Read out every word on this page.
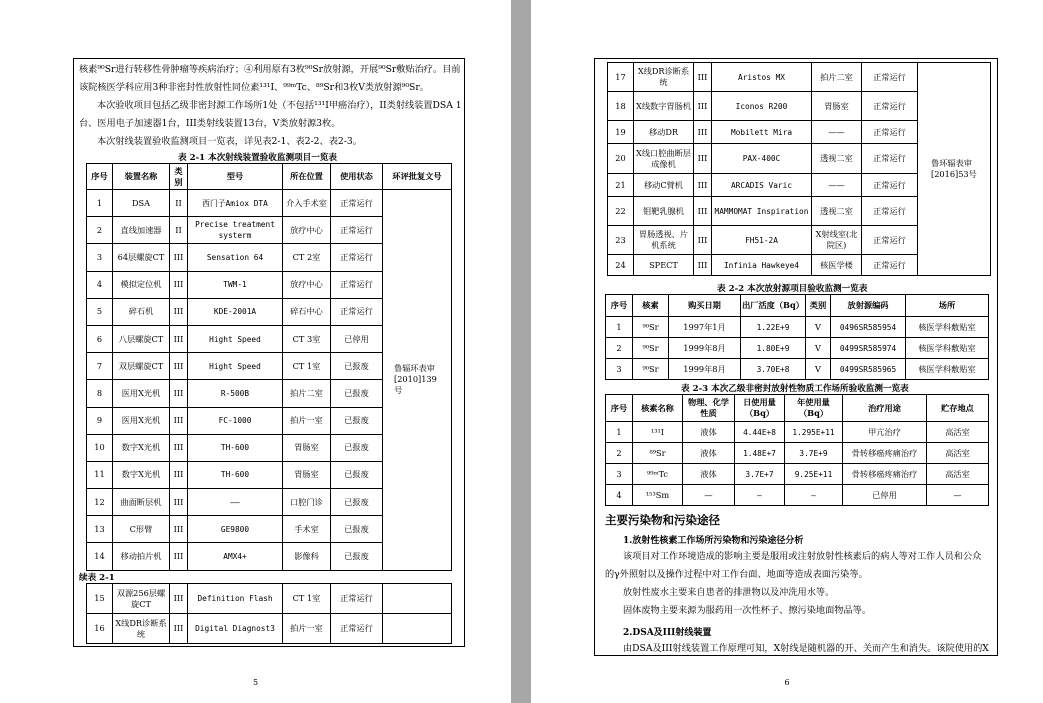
核素⁹⁰Sr进行转移性骨肿瘤等疾病治疗；④利用原有3枚⁹⁰Sr放射源，开展⁹⁰Sr敷贴治疗。目前
该院核医学科应用3种非密封性放射性同位素¹³¹I、⁹⁹ᵐTc、⁸⁹Sr和3枚V类放射源⁹⁰Sr。
本次验收项目包括乙级非密封源工作场所1处（不包括¹³¹I甲癌治疗），II类射线装置DSA 1
台、医用电子加速器1台，III类射线装置13台，V类放射源3枚。
本次射线装置验收监测项目一览表，详见表2-1、表2-2、表2-3。
表 2-1 本次射线装置验收监测项目一览表
序号	装置名称	类别	型号	所在位置	使用状态	环评批复文号
1	DSA	II	西门子Amiox DTA	介入手术室	正常运行	鲁辐环表审[2010]139号
2	直线加速器	II	Precise treatment systerm	放疗中心	正常运行	
3	64层螺旋CT	III	Sensation 64	CT 2室	正常运行	
4	模拟定位机	III	TWM-1	放疗中心	正常运行	
5	碎石机	III	KDE-2001A	碎石中心	正常运行	
6	八层螺旋CT	III	Hight Speed	CT 3室	已停用	
7	双层螺旋CT	III	Hight Speed	CT 1室	已报废	
8	医用X光机	III	R-500B	拍片二室	已报废	
9	医用X光机	III	FC-1000	拍片一室	已报废	
10	数字X光机	III	TH-600	胃肠室	已报废	
11	数字X光机	III	TH-600	胃肠室	已报废	
12	曲面断层机	III	——	口腔门诊	已报废	
13	C形臂	III	GE9800	手术室	已报废	
14	移动拍片机	III	AMX4+	影像科	已报废	
续表 2-1
15	双源256层螺旋CT	III	Definition Flash	CT 1室	正常运行	
16	X线DR诊断系统	III	Digital Diagnost3	拍片一室	正常运行	
5
17	X线DR诊断系统	III	Aristos MX	拍片二室	正常运行	鲁环辐表审[2016]53号
18	X线数字胃肠机	III	Iconos R200	胃肠室	正常运行	
19	移动DR	III	Mobilett Mira	——	正常运行	
20	X线口腔曲断层成像机	III	PAX-400C	透视二室	正常运行	
21	移动C臂机	III	ARCADIS Varic	——	正常运行	
22	钼靶乳腺机	III	MAMMOMAT Inspiration	透视二室	正常运行	
23	胃肠透视、片机系统	III	FH51-2A	X射线室(北院区)	正常运行	
24	SPECT	III	Infinia Hawkeye4	核医学楼	正常运行	
表 2-2 本次放射源项目验收监测一览表
序号	核素	购买日期	出厂活度（Bq）	类别	放射源编码	场所
1	⁹⁰Sr	1997年1月	1.22E+9	V	0496SR585954	核医学科敷贴室
2	⁹⁰Sr	1999年8月	1.80E+9	V	0499SR585974	核医学科敷贴室
3	⁹⁰Sr	1999年8月	3.70E+8	V	0499SR585965	核医学科敷贴室
表 2-3 本次乙级非密封放射性物质工作场所验收监测一览表
序号	核素名称	物理、化学性质	日使用量（Bq）	年使用量（Bq）	治疗用途	贮存地点
1	¹³¹I	液体	4.44E+8	1.295E+11	甲亢治疗	高活室
2	⁸⁹Sr	液体	1.48E+7	3.7E+9	骨转移癌疼痛治疗	高活室
3	⁹⁹ᵐTc	液体	3.7E+7	9.25E+11	骨转移癌疼痛治疗	高活室
4	¹⁵³Sm	—	—	—	已停用	—
主要污染物和污染途径
1.放射性核素工作场所污染物和污染途径分析
该项目对工作环境造成的影响主要是服用或注射放射性核素后的病人等对工作人员和公众
的γ外照射以及操作过程中对工作台面、地面等造成表面污染等。
放射性废水主要来自患者的排泄物以及冲洗用水等。
固体废物主要来源为服药用一次性杯子、擦污染地面物品等。
2.DSA及III射线装置
由DSA及III射线装置工作原理可知，X射线是随机器的开、关而产生和消失。该院使用的X
6
